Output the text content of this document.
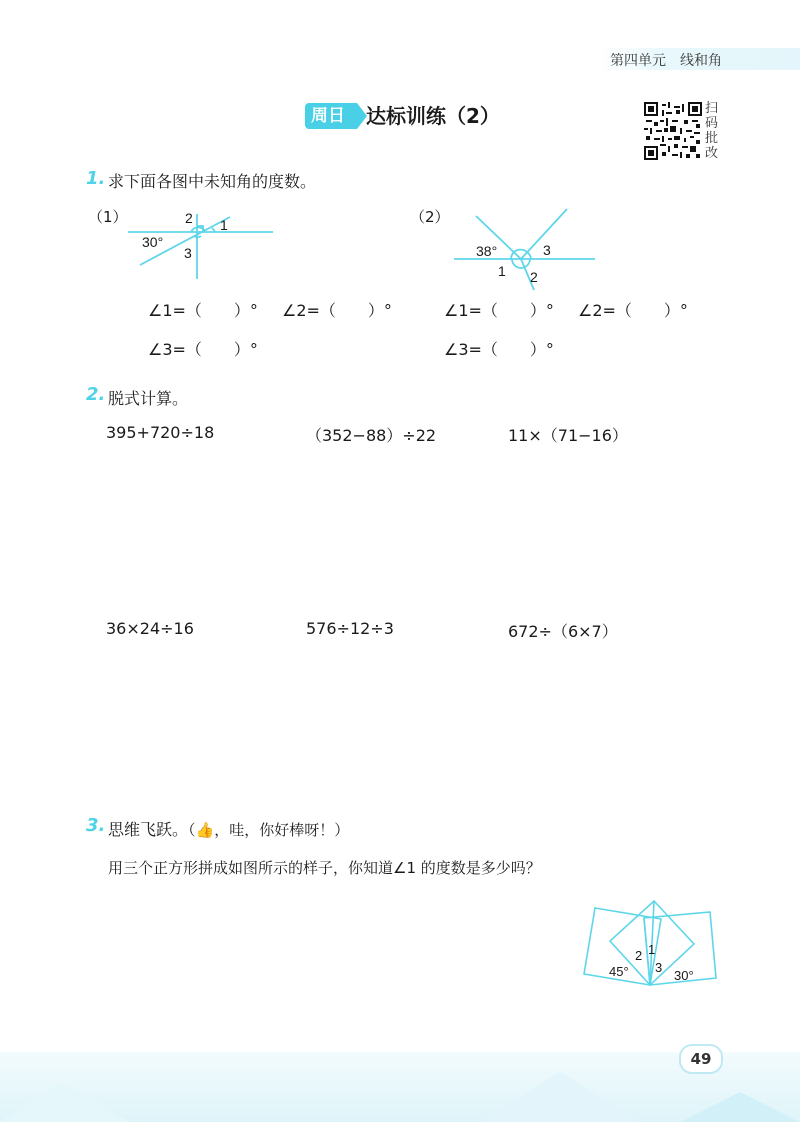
第四单元 线和角
周日	达标训练（2）	扫
码
批
改
1. 求下面各图中未知角的度数。
（1）
30°
2 1
3
（2）
38°	3
1 2
∠1=（　　）° ∠2=（　　）°
∠3=（　　）°
∠1=（　　）° ∠2=（　　）°
∠3=（　　）°
2. 脱式计算。
395+720÷18	（352−88）÷22	11×（71−16）
36×24÷16	576÷12÷3	672÷（6×7）
3. 思维飞跃。（👍，哇，你好棒呀！）
用三个正方形拼成如图所示的样子，你知道∠1 的度数是多少吗？
45°	30°
1
2
3
49
